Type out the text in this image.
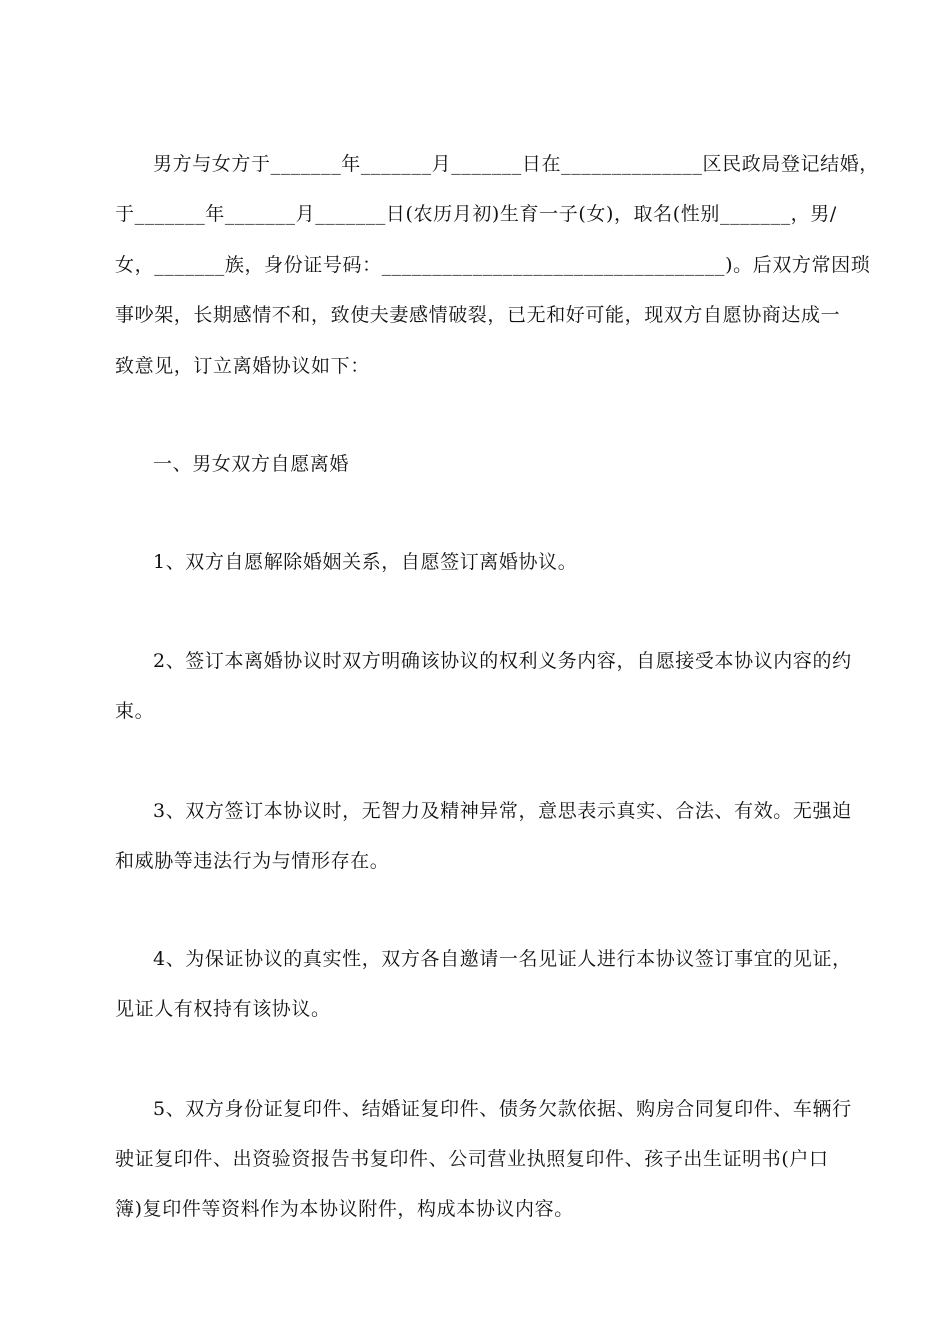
男方与女方于_______年_______月_______日在______________区民政局登记结婚，

于_______年_______月_______日(农历月初)生育一子(女)，取名(性别_______，男/

女，_______族，身份证号码：__________________________________)。后双方常因琐

事吵架，长期感情不和，致使夫妻感情破裂，已无和好可能，现双方自愿协商达成一

致意见，订立离婚协议如下：

一、男女双方自愿离婚

1、双方自愿解除婚姻关系，自愿签订离婚协议。

2、签订本离婚协议时双方明确该协议的权利义务内容，自愿接受本协议内容的约

束。

3、双方签订本协议时，无智力及精神异常，意思表示真实、合法、有效。无强迫

和威胁等违法行为与情形存在。

4、为保证协议的真实性，双方各自邀请一名见证人进行本协议签订事宜的见证，

见证人有权持有该协议。

5、双方身份证复印件、结婚证复印件、债务欠款依据、购房合同复印件、车辆行

驶证复印件、出资验资报告书复印件、公司营业执照复印件、孩子出生证明书(户口

簿)复印件等资料作为本协议附件，构成本协议内容。
